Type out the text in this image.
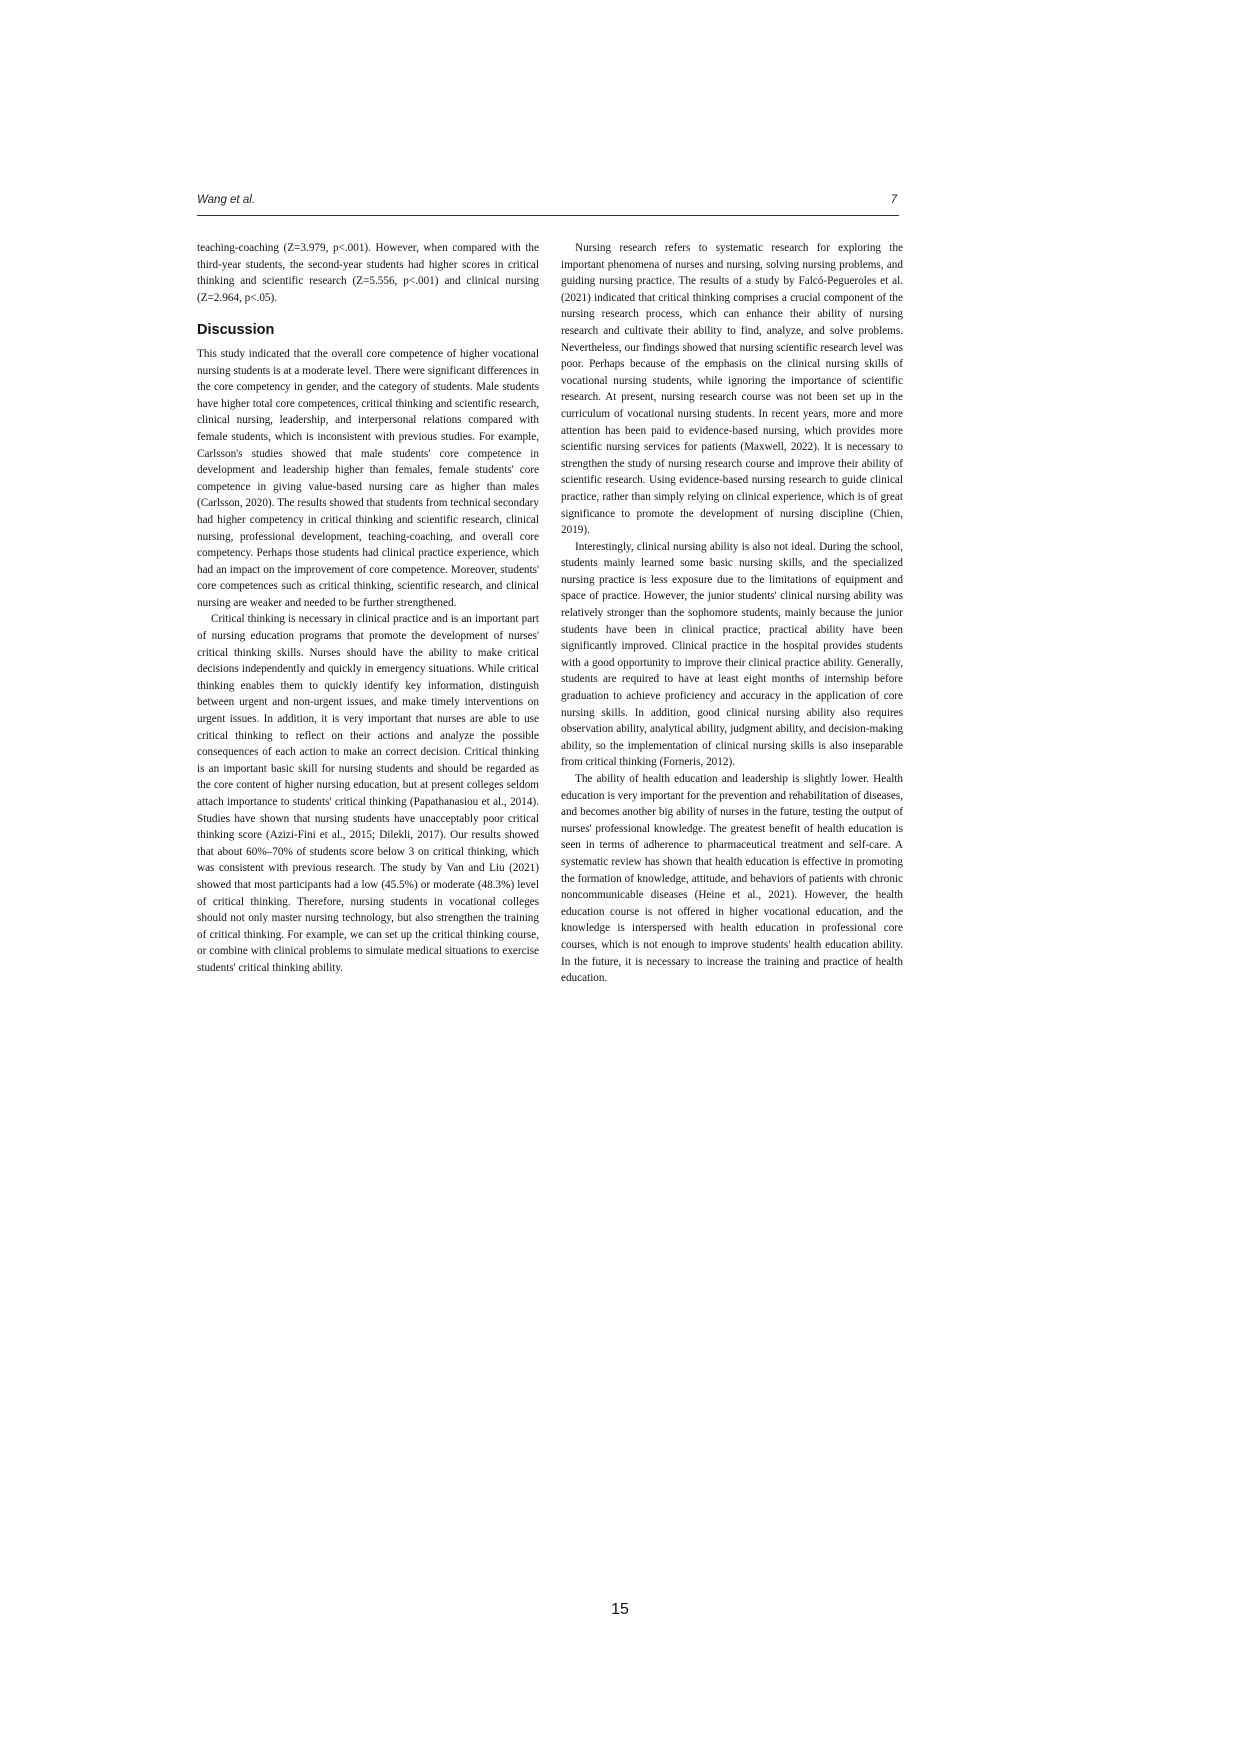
Wang et al.	7

teaching-coaching (Z=3.979, p<.001). However, when compared with the third-year students, the second-year students had higher scores in critical thinking and scientific research (Z=5.556, p<.001) and clinical nursing (Z=2.964, p<.05).

Discussion

This study indicated that the overall core competence of higher vocational nursing students is at a moderate level. There were significant differences in the core competency in gender, and the category of students. Male students have higher total core competences, critical thinking and scientific research, clinical nursing, leadership, and interpersonal relations compared with female students, which is inconsistent with previous studies. For example, Carlsson's studies showed that male students' core competence in development and leadership higher than females, female students' core competence in giving value-based nursing care as higher than males (Carlsson, 2020). The results showed that students from technical secondary had higher competency in critical thinking and scientific research, clinical nursing, professional development, teaching-coaching, and overall core competency. Perhaps those students had clinical practice experience, which had an impact on the improvement of core competence. Moreover, students' core competences such as critical thinking, scientific research, and clinical nursing are weaker and needed to be further strengthened.

Critical thinking is necessary in clinical practice and is an important part of nursing education programs that promote the development of nurses' critical thinking skills. Nurses should have the ability to make critical decisions independently and quickly in emergency situations. While critical thinking enables them to quickly identify key information, distinguish between urgent and non-urgent issues, and make timely interventions on urgent issues. In addition, it is very important that nurses are able to use critical thinking to reflect on their actions and analyze the possible consequences of each action to make an correct decision. Critical thinking is an important basic skill for nursing students and should be regarded as the core content of higher nursing education, but at present colleges seldom attach importance to students' critical thinking (Papathanasiou et al., 2014). Studies have shown that nursing students have unacceptably poor critical thinking score (Azizi-Fini et al., 2015; Dilekli, 2017). Our results showed that about 60%–70% of students score below 3 on critical thinking, which was consistent with previous research. The study by Van and Liu (2021) showed that most participants had a low (45.5%) or moderate (48.3%) level of critical thinking. Therefore, nursing students in vocational colleges should not only master nursing technology, but also strengthen the training of critical thinking. For example, we can set up the critical thinking course, or combine with clinical problems to simulate medical situations to exercise students' critical thinking ability.

Nursing research refers to systematic research for exploring the important phenomena of nurses and nursing, solving nursing problems, and guiding nursing practice. The results of a study by Falcó-Pegueroles et al. (2021) indicated that critical thinking comprises a crucial component of the nursing research process, which can enhance their ability of nursing research and cultivate their ability to find, analyze, and solve problems. Nevertheless, our findings showed that nursing scientific research level was poor. Perhaps because of the emphasis on the clinical nursing skills of vocational nursing students, while ignoring the importance of scientific research. At present, nursing research course was not been set up in the curriculum of vocational nursing students. In recent years, more and more attention has been paid to evidence-based nursing, which provides more scientific nursing services for patients (Maxwell, 2022). It is necessary to strengthen the study of nursing research course and improve their ability of scientific research. Using evidence-based nursing research to guide clinical practice, rather than simply relying on clinical experience, which is of great significance to promote the development of nursing discipline (Chien, 2019).

Interestingly, clinical nursing ability is also not ideal. During the school, students mainly learned some basic nursing skills, and the specialized nursing practice is less exposure due to the limitations of equipment and space of practice. However, the junior students' clinical nursing ability was relatively stronger than the sophomore students, mainly because the junior students have been in clinical practice, practical ability have been significantly improved. Clinical practice in the hospital provides students with a good opportunity to improve their clinical practice ability. Generally, students are required to have at least eight months of internship before graduation to achieve proficiency and accuracy in the application of core nursing skills. In addition, good clinical nursing ability also requires observation ability, analytical ability, judgment ability, and decision-making ability, so the implementation of clinical nursing skills is also inseparable from critical thinking (Forneris, 2012).

The ability of health education and leadership is slightly lower. Health education is very important for the prevention and rehabilitation of diseases, and becomes another big ability of nurses in the future, testing the output of nurses' professional knowledge. The greatest benefit of health education is seen in terms of adherence to pharmaceutical treatment and self-care. A systematic review has shown that health education is effective in promoting the formation of knowledge, attitude, and behaviors of patients with chronic noncommunicable diseases (Heine et al., 2021). However, the health education course is not offered in higher vocational education, and the knowledge is interspersed with health education in professional core courses, which is not enough to improve students' health education ability. In the future, it is necessary to increase the training and practice of health education.

15
